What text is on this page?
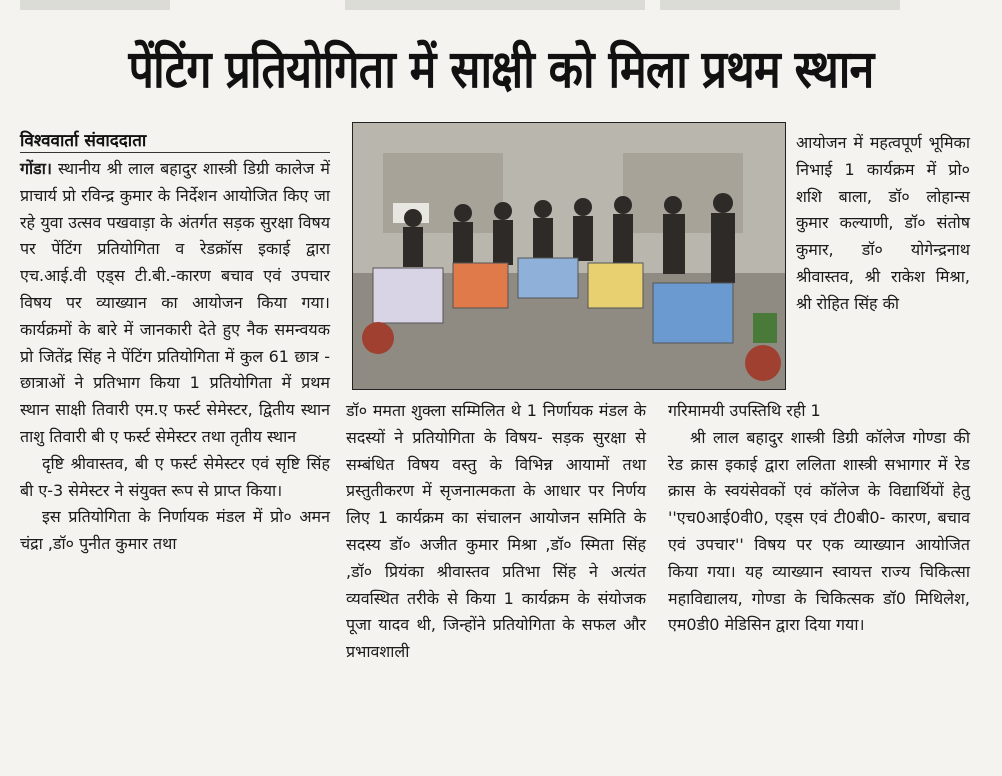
पेंटिंग प्रतियोगिता में साक्षी को मिला प्रथम स्थान
विश्ववार्ता संवाददाता

गोंडा। स्थानीय श्री लाल बहादुर शास्त्री डिग्री कालेज में प्राचार्य प्रो रविन्द्र कुमार के निर्देशन आयोजित किए जा रहे युवा उत्सव पखवाड़ा के अंतर्गत सड़क सुरक्षा विषय पर पेंटिंग प्रतियोगिता व रेडक्रॉस इकाई द्वारा एच.आई.वी एड्स टी.बी.-कारण बचाव एवं उपचार विषय पर व्याख्यान का आयोजन किया गया। कार्यक्रमों के बारे में जानकारी देते हुए नैक समन्वयक प्रो जितेंद्र सिंह ने पेंटिंग प्रतियोगिता में कुल 61 छात्र - छात्राओं ने प्रतिभाग किया 1 प्रतियोगिता में प्रथम स्थान साक्षी तिवारी एम.ए फर्स्ट सेमेस्टर, द्वितीय स्थान ताशु तिवारी बी ए फर्स्ट सेमेस्टर तथा तृतीय स्थान

दृष्टि श्रीवास्तव, बी ए फर्स्ट सेमेस्टर एवं सृष्टि सिंह बी ए-3 सेमेस्टर ने संयुक्त रूप से प्राप्त किया।

इस प्रतियोगिता के निर्णायक मंडल में प्रो० अमन चंद्रा ,डॉ० पुनीत कुमार तथा

डॉ० ममता शुक्ला सम्मिलित थे 1 निर्णायक मंडल के सदस्यों ने प्रतियोगिता के विषय- सड़क सुरक्षा से सम्बंधित विषय वस्तु के विभिन्न आयामों तथा प्रस्तुतीकरण में सृजनात्मकता के आधार पर निर्णय लिए 1 कार्यक्रम का संचालन आयोजन समिति के सदस्य डॉ० अजीत कुमार मिश्रा ,डॉ० स्मिता सिंह ,डॉ० प्रियंका श्रीवास्तव प्रतिभा सिंह ने अत्यंत व्यवस्थित तरीके से किया 1 कार्यक्रम के संयोजक पूजा यादव थी, जिन्होंने प्रतियोगिता के सफल और प्रभावशाली

आयोजन में महत्वपूर्ण भूमिका निभाई 1 कार्यक्रम में प्रो० शशि बाला, डॉ० लोहान्स कुमार कल्याणी, डॉ० संतोष कुमार, डॉ० योगेन्द्रनाथ श्रीवास्तव, श्री राकेश मिश्रा, श्री रोहित सिंह की

गरिमामयी उपस्तिथि रही 1

श्री लाल बहादुर शास्त्री डिग्री कॉलेज गोण्डा की रेड क्रास इकाई द्वारा ललिता शास्त्री सभागार में रेड क्रास के स्वयंसेवकों एवं कॉलेज के विद्यार्थियों हेतु ''एच0आई0वी0, एड्स एवं टी0बी0- कारण, बचाव एवं उपचार'' विषय पर एक व्याख्यान आयोजित किया गया। यह व्याख्यान स्वायत्त राज्य चिकित्सा महाविद्यालय, गोण्डा के चिकित्सक डॉ0 मिथिलेश, एम0डी0 मेडिसिन द्वारा दिया गया।
